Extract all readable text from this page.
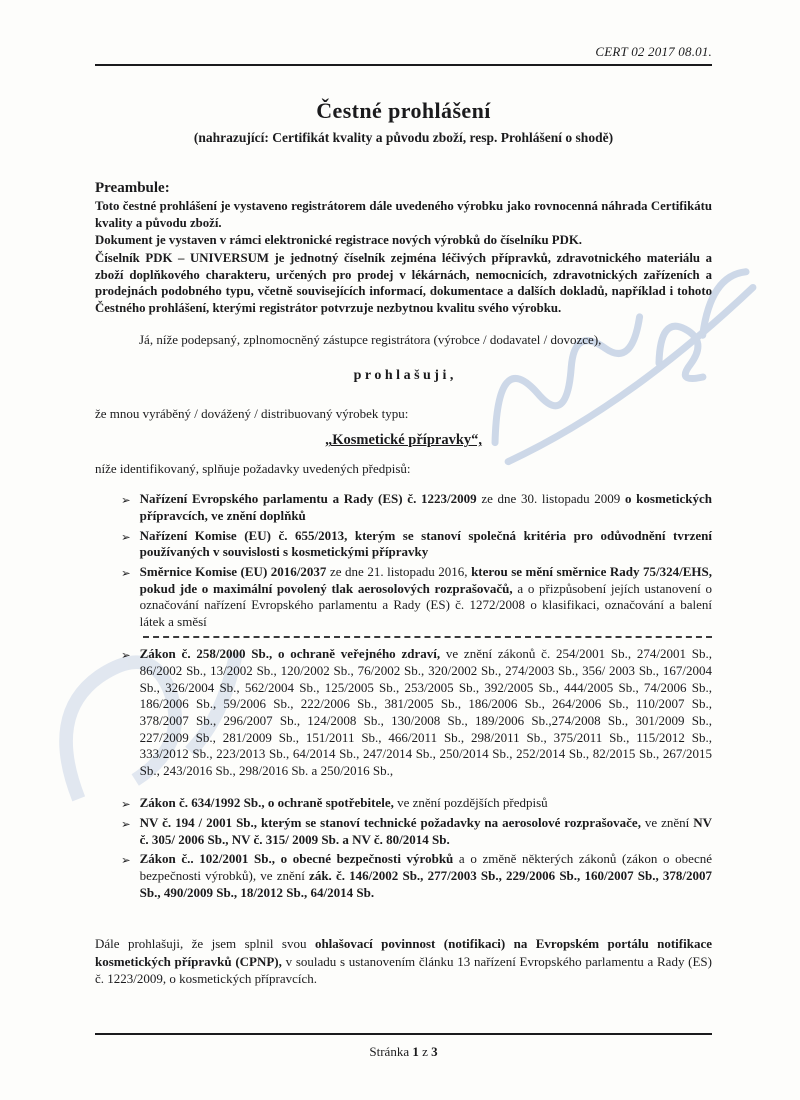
CERT 02 2017 08.01.
Čestné prohlášení
(nahrazující: Certifikát kvality a původu zboží, resp. Prohlášení o shodě)
Preambule:

Toto čestné prohlášení je vystaveno registrátorem dále uvedeného výrobku jako rovnocenná náhrada Certifikátu kvality a původu zboží.

Dokument je vystaven v rámci elektronické registrace nových výrobků do číselníku PDK.

Číselník PDK – UNIVERSUM je jednotný číselník zejména léčivých přípravků, zdravotnického materiálu a zboží doplňkového charakteru, určených pro prodej v lékárnách, nemocnicích, zdravotnických zařízeních a prodejnách podobného typu, včetně souvisejících informací, dokumentace a dalších dokladů, například i tohoto Čestného prohlášení, kterými registrátor potvrzuje nezbytnou kvalitu svého výrobku.

Já, níže podepsaný, zplnomocněný zástupce registrátora (výrobce / dodavatel / dovozce),

p r o h l a š u j i ,

že mnou vyráběný / dovážený / distribuovaný výrobek typu:

„Kosmetické přípravky“,

níže identifikovaný, splňuje požadavky uvedených předpisů:

➢ Nařízení Evropského parlamentu a Rady (ES) č. 1223/2009 ze dne 30. listopadu 2009 o kosmetických přípravcích, ve znění doplňků
➢ Nařízení Komise (EU) č. 655/2013, kterým se stanoví společná kritéria pro odůvodnění tvrzení používaných v souvislosti s kosmetickými přípravky
➢ Směrnice Komise (EU) 2016/2037 ze dne 21. listopadu 2016, kterou se mění směrnice Rady 75/324/EHS, pokud jde o maximální povolený tlak aerosolových rozprašovačů, a o přizpůsobení jejích ustanovení o označování nařízení Evropského parlamentu a Rady (ES) č. 1272/2008 o klasifikaci, označování a balení látek a směsí
➢ Zákon č. 258/2000 Sb., o ochraně veřejného zdraví, ve znění zákonů č. 254/2001 Sb., 274/2001 Sb., 86/2002 Sb., 13/2002 Sb., 120/2002 Sb., 76/2002 Sb., 320/2002 Sb., 274/2003 Sb., 356/ 2003 Sb., 167/2004 Sb., 326/2004 Sb., 562/2004 Sb., 125/2005 Sb., 253/2005 Sb., 392/2005 Sb., 444/2005 Sb., 74/2006 Sb., 186/2006 Sb., 59/2006 Sb., 222/2006 Sb., 381/2005 Sb., 186/2006 Sb., 264/2006 Sb., 110/2007 Sb., 378/2007 Sb., 296/2007 Sb., 124/2008 Sb., 130/2008 Sb., 189/2006 Sb.,274/2008 Sb., 301/2009 Sb., 227/2009 Sb., 281/2009 Sb., 151/2011 Sb., 466/2011 Sb., 298/2011 Sb., 375/2011 Sb., 115/2012 Sb., 333/2012 Sb., 223/2013 Sb., 64/2014 Sb., 247/2014 Sb., 250/2014 Sb., 252/2014 Sb., 82/2015 Sb., 267/2015 Sb., 243/2016 Sb., 298/2016 Sb. a 250/2016 Sb.,
➢ Zákon č. 634/1992 Sb., o ochraně spotřebitele, ve znění pozdějších předpisů
➢ NV č. 194 / 2001 Sb., kterým se stanoví technické požadavky na aerosolové rozprašovače, ve znění NV č. 305/ 2006 Sb., NV č. 315/ 2009 Sb. a NV č. 80/2014 Sb.
➢ Zákon č.. 102/2001 Sb., o obecné bezpečnosti výrobků a o změně některých zákonů (zákon o obecné bezpečnosti výrobků), ve znění zák. č. 146/2002 Sb., 277/2003 Sb., 229/2006 Sb., 160/2007 Sb., 378/2007 Sb., 490/2009 Sb., 18/2012 Sb., 64/2014 Sb.

Dále prohlašuji, že jsem splnil svou ohlašovací povinnost (notifikaci) na Evropském portálu notifikace kosmetických přípravků (CPNP), v souladu s ustanovením článku 13 nařízení Evropského parlamentu a Rady (ES) č. 1223/2009, o kosmetických přípravcích.

Stránka 1 z 3
